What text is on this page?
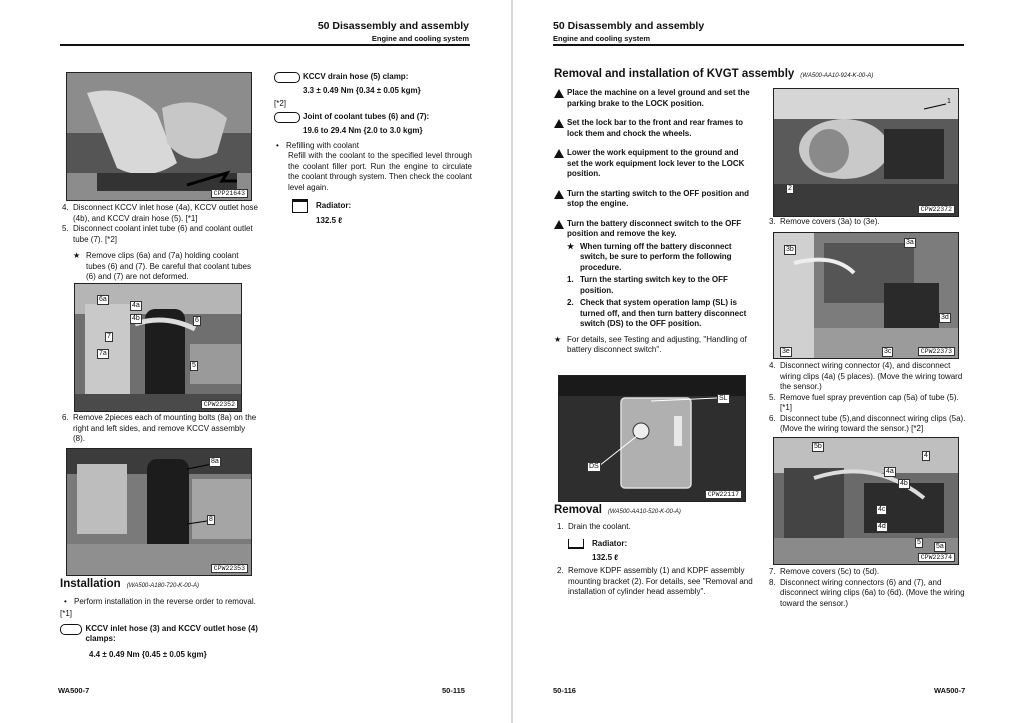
50 Disassembly and assembly
Engine and cooling system
CPP21643
4. Disconnect KCCV inlet hose (4a), KCCV outlet hose (4b), and KCCV drain hose (5). [*1]
5. Disconnect coolant inlet tube (6) and coolant outlet tube (7). [*2]
★ Remove clips (6a) and (7a) holding coolant tubes (6) and (7). Be careful that coolant tubes (6) and (7) are not deformed.
6a
4a
4b	6
7
7a
5
CPW22352
6. Remove 2pieces each of mounting bolts (8a) on the right and left sides, and remove KCCV assembly (8).
8a
8
CPW22353
Installation (WA500-A180-720-K-00-A)
• Perform installation in the reverse order to removal.
[*1]
KCCV inlet hose (3) and KCCV outlet hose (4) clamps:
4.4 ± 0.49 Nm {0.45 ± 0.05 kgm}
KCCV drain hose (5) clamp:
3.3 ± 0.49 Nm {0.34 ± 0.05 kgm}
[*2]
Joint of coolant tubes (6) and (7):
19.6 to 29.4 Nm {2.0 to 3.0 kgm}
• Refilling with coolant
Refill with the coolant to the specified level through the coolant filler port. Run the engine to circulate the coolant through system. Then check the coolant level again.
Radiator:
132.5 ℓ
WA500-7	50-115
50 Disassembly and assembly
Engine and cooling system
Removal and installation of KVGT assembly (WA500-AA10-924-K-00-A)
Place the machine on a level ground and set the parking brake to the LOCK position.
Set the lock bar to the front and rear frames to lock them and chock the wheels.
Lower the work equipment to the ground and set the work equipment lock lever to the LOCK position.
Turn the starting switch to the OFF position and stop the engine.
Turn the battery disconnect switch to the OFF position and remove the key.
★ When turning off the battery disconnect switch, be sure to perform the following procedure.
1. Turn the starting switch key to the OFF position.
2. Check that system operation lamp (SL) is turned off, and then turn battery disconnect switch (DS) to the OFF position.
★ For details, see Testing and adjusting, "Handling of battery disconnect switch".
SL
DS
CPW22117
Removal (WA500-AA10-520-K-00-A)
1. Drain the coolant.
Radiator:
132.5 ℓ
2. Remove KDPF assembly (1) and KDPF assembly mounting bracket (2). For details, see "Removal and installation of cylinder head assembly".
1
2
CPW22372
3. Remove covers (3a) to (3e).
3b
3a
3d
3e	3c	CPW22373
4. Disconnect wiring connector (4), and disconnect wiring clips (4a) (5 places). (Move the wiring toward the sensor.)
5. Remove fuel spray prevention cap (5a) of tube (5). [*1]
6. Disconnect tube (5),and disconnect wiring clips (5a). (Move the wiring toward the sensor.) [*2]
5b
4
4a
4b
4c
4d
5
5a
CPW22374
7. Remove covers (5c) to (5d).
8. Disconnect wiring connectors (6) and (7), and disconnect wiring clips (6a) to (6d). (Move the wiring toward the sensor.)
50-116	WA500-7
